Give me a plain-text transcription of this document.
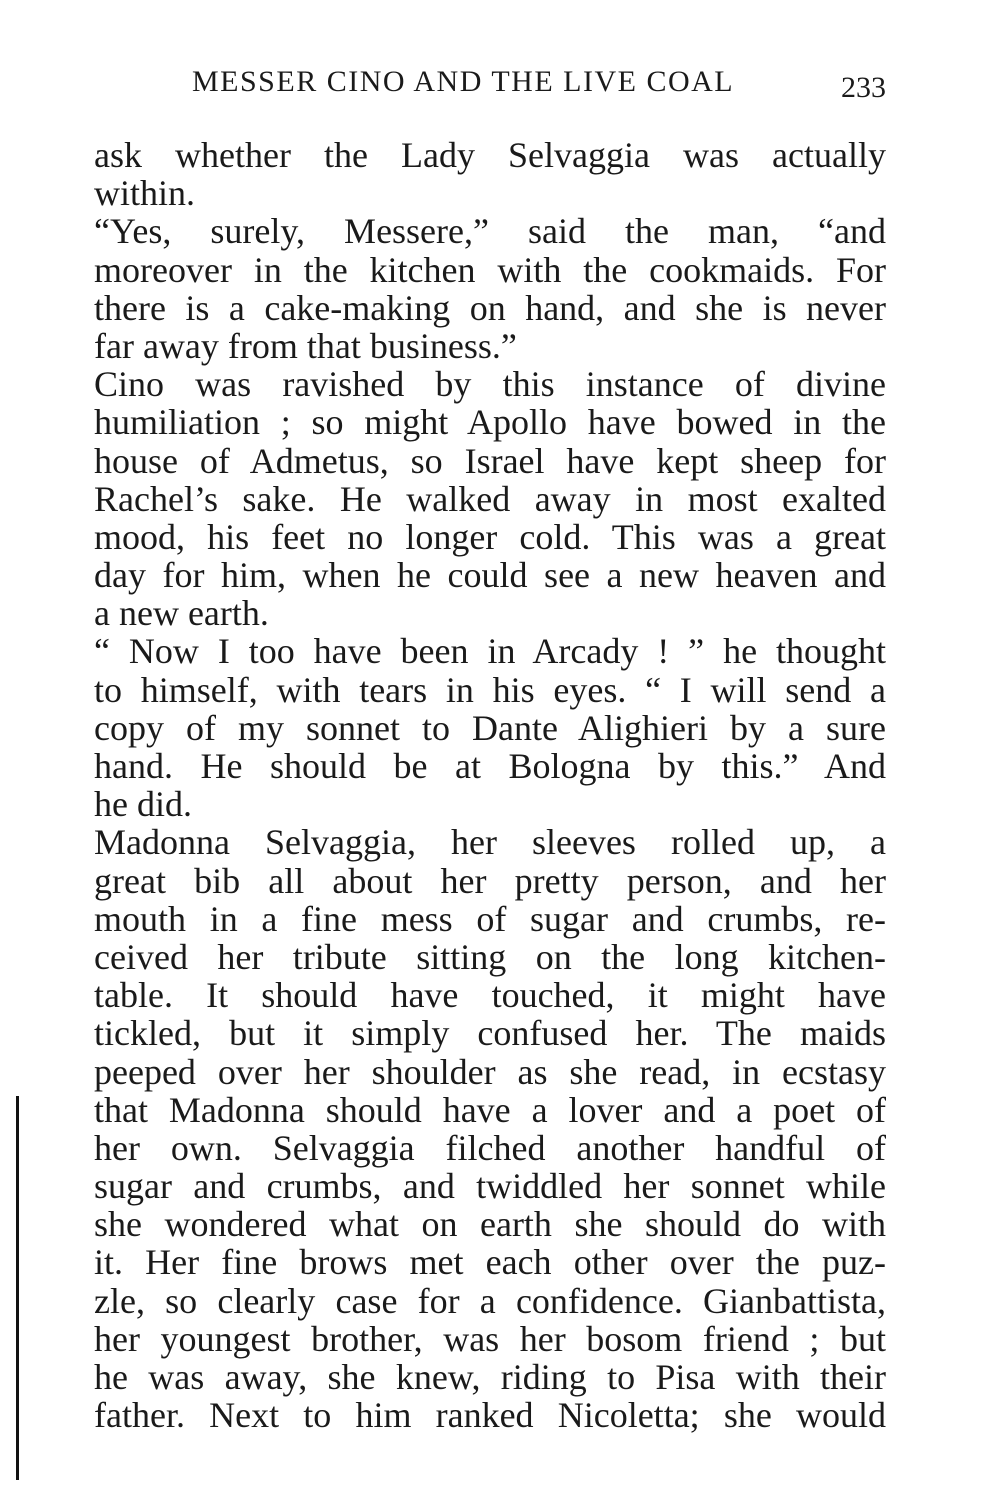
MESSER CINO AND THE LIVE COAL	233
ask whether the Lady Selvaggia was actually
within.
“Yes, surely, Messere,” said the man, “and
moreover in the kitchen with the cookmaids. For
there is a cake-making on hand, and she is never
far away from that business.”
Cino was ravished by this instance of divine
humiliation ; so might Apollo have bowed in the
house of Admetus, so Israel have kept sheep for
Rachel’s sake. He walked away in most exalted
mood, his feet no longer cold. This was a great
day for him, when he could see a new heaven and
a new earth.
“ Now I too have been in Arcady ! ” he thought
to himself, with tears in his eyes. “ I will send a
copy of my sonnet to Dante Alighieri by a sure
hand. He should be at Bologna by this.” And
he did.
Madonna Selvaggia, her sleeves rolled up, a
great bib all about her pretty person, and her
mouth in a fine mess of sugar and crumbs, re-
ceived her tribute sitting on the long kitchen-
table. It should have touched, it might have
tickled, but it simply confused her. The maids
peeped over her shoulder as she read, in ecstasy
that Madonna should have a lover and a poet of
her own. Selvaggia filched another handful of
sugar and crumbs, and twiddled her sonnet while
she wondered what on earth she should do with
it. Her fine brows met each other over the puz-
zle, so clearly case for a confidence. Gianbattista,
her youngest brother, was her bosom friend ; but
he was away, she knew, riding to Pisa with their
father. Next to him ranked Nicoletta; she would
